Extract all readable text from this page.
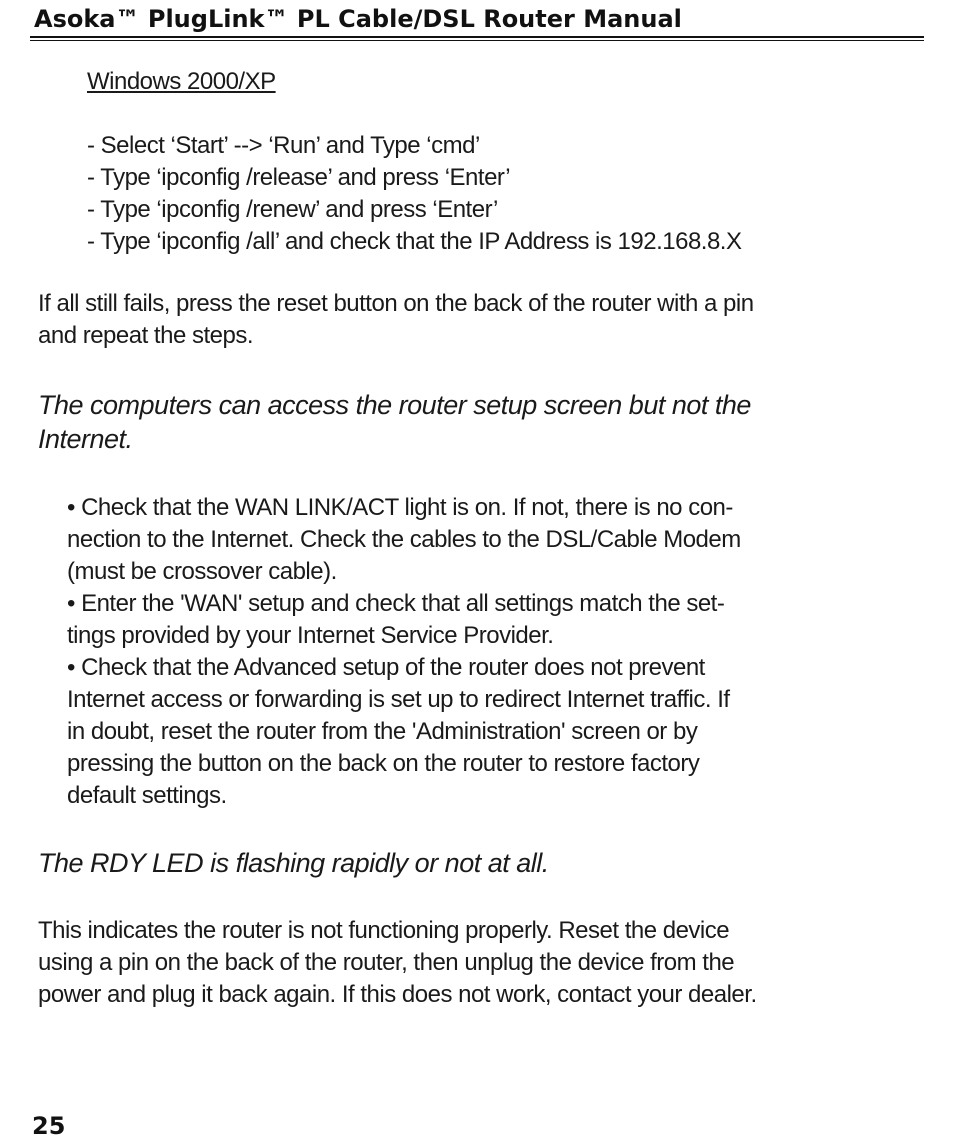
Asoka™ PlugLink™ PL Cable/DSL Router Manual
Windows 2000/XP
- Select ‘Start’ --> ‘Run’ and Type ‘cmd’
- Type ‘ipconfig /release’ and press ‘Enter’
- Type ‘ipconfig /renew’ and press ‘Enter’
- Type ‘ipconfig /all’ and check that the IP Address is 192.168.8.X
If all still fails, press the reset button on the back of the router with a pin
and repeat the steps.
The computers can access the router setup screen but not the
Internet.
• Check that the WAN LINK/ACT light is on. If not, there is no con-
nection to the Internet. Check the cables to the DSL/Cable Modem
(must be crossover cable).
• Enter the 'WAN' setup and check that all settings match the set-
tings provided by your Internet Service Provider.
• Check that the Advanced setup of the router does not prevent
Internet access or forwarding is set up to redirect Internet traffic. If
in doubt, reset the router from the 'Administration' screen or by
pressing the button on the back on the router to restore factory
default settings.
The RDY LED is flashing rapidly or not at all.
This indicates the router is not functioning properly. Reset the device
using a pin on the back of the router, then unplug the device from the
power and plug it back again. If this does not work, contact your dealer.
25
